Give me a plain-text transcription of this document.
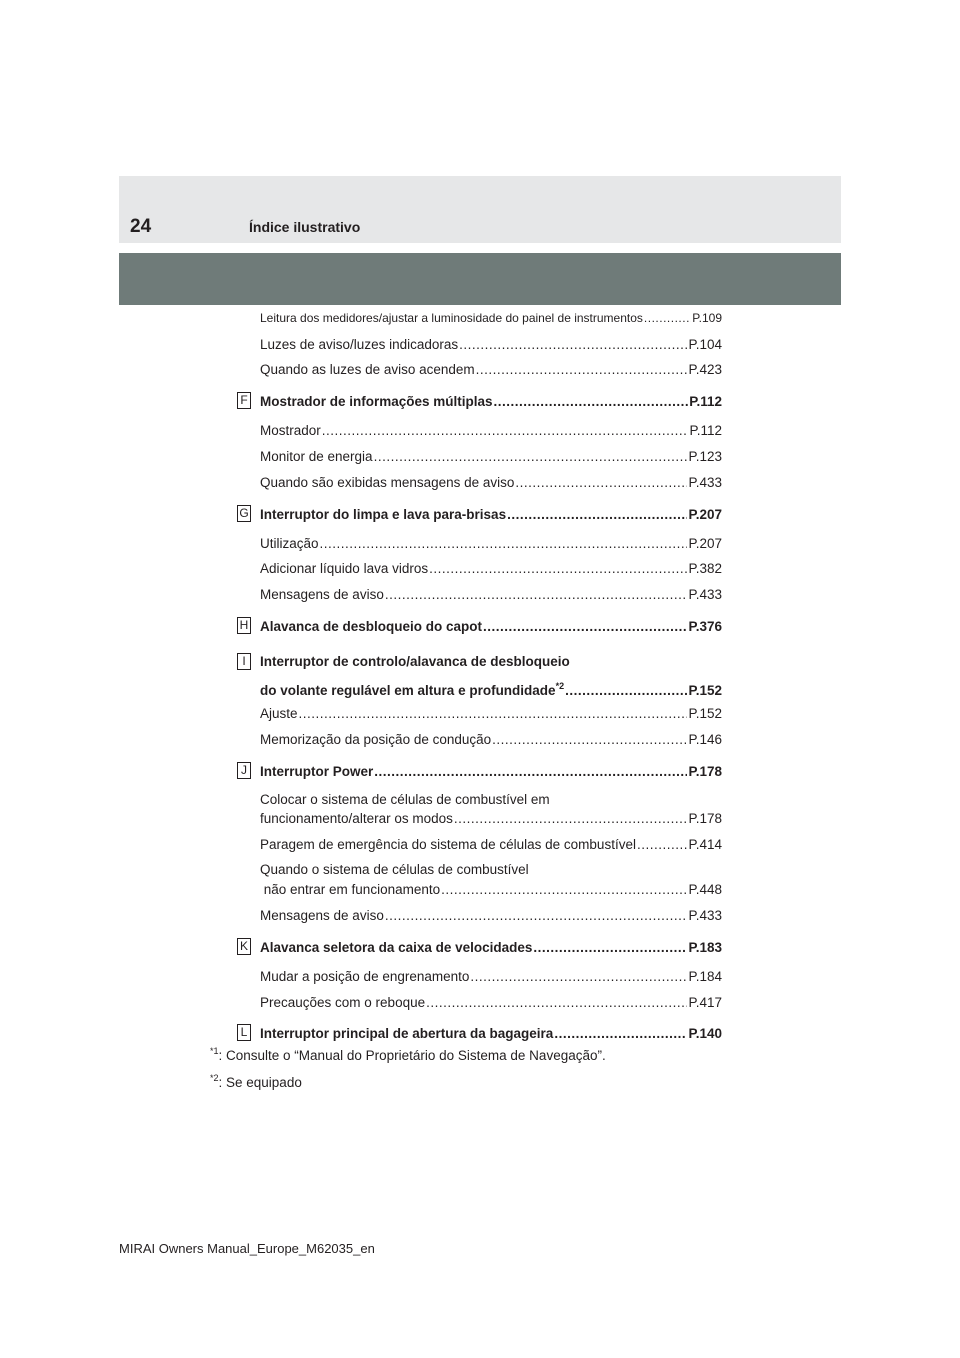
24	Índice ilustrativo
Leitura dos medidores/ajustar a luminosidade do painel de instrumentos .....	P.109
Luzes de aviso/luzes indicadoras .....	P.104
Quando as luzes de aviso acendem .....	P.423
F Mostrador de informações múltiplas .....	P.112
Mostrador .....	P.112
Monitor de energia .....	P.123
Quando são exibidas mensagens de aviso .....	P.433
G Interruptor do limpa e lava para-brisas .....	P.207
Utilização .....	P.207
Adicionar líquido lava vidros .....	P.382
Mensagens de aviso .....	P.433
H Alavanca de desbloqueio do capot .....	P.376
I	Interruptor de controlo/alavanca de desbloqueio
do volante regulável em altura e profundidade$^{*2}$ .....	P.152
Ajuste .....	P.152
Memorização da posição de condução .....	P.146
J Interruptor Power .....	P.178
Colocar o sistema de células de combustível em
funcionamento/alterar os modos .....	P.178
Paragem de emergência do sistema de células de combustível .....	P.414
Quando o sistema de células de combustível
não entrar em funcionamento .....	P.448
Mensagens de aviso .....	P.433
K Alavanca seletora da caixa de velocidades .....	P.183
Mudar a posição de engrenamento .....	P.184
Precauções com o reboque .....	P.417
L Interruptor principal de abertura da bagageira .....	P.140
$^{*1}$: Consulte o “Manual do Proprietário do Sistema de Navegação”.
$^{*2}$: Se equipado
MIRAI Owners Manual_Europe_M62035_en
